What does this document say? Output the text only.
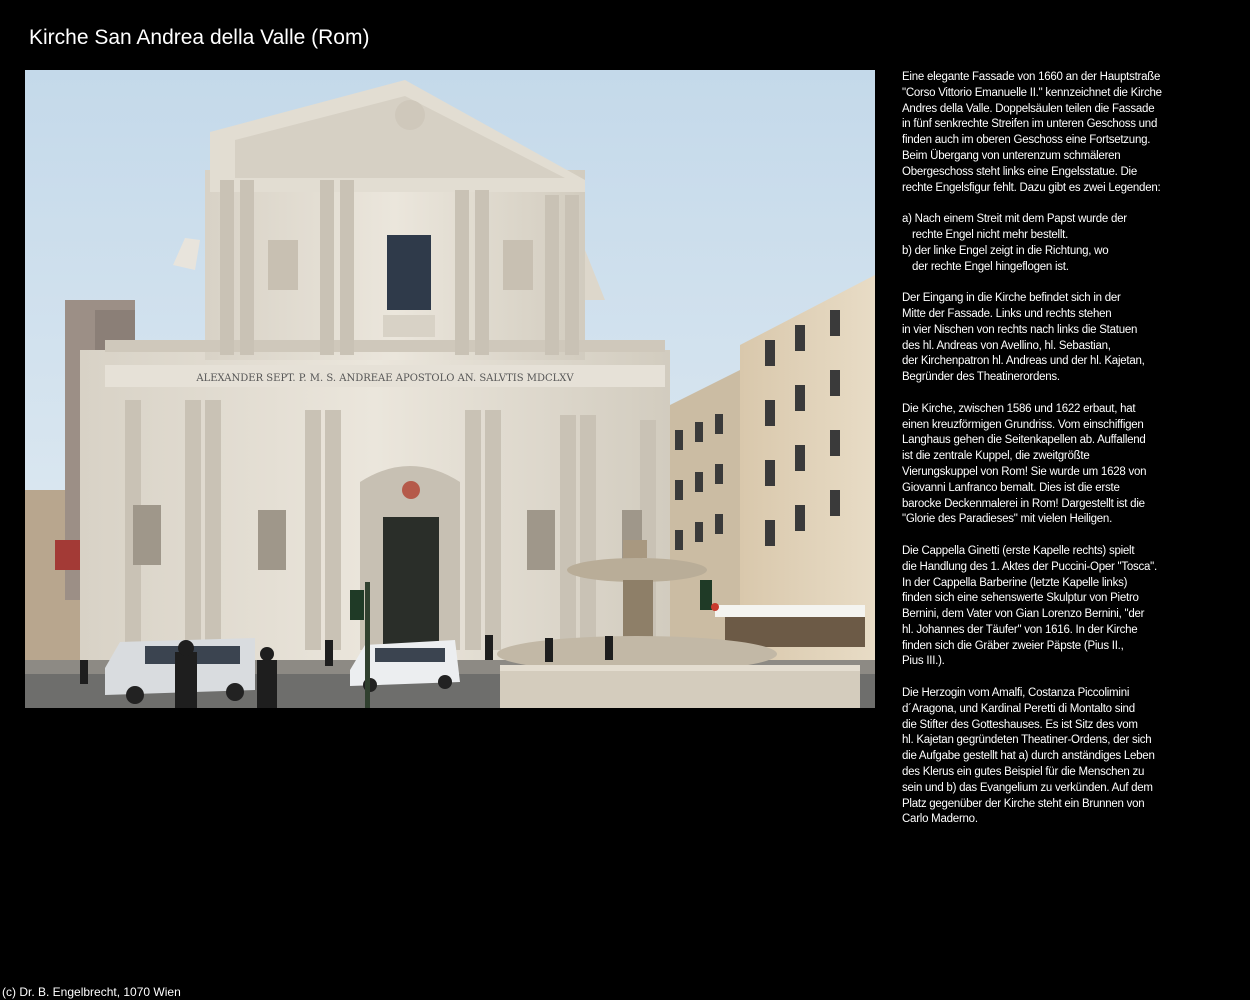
Kirche San Andrea della Valle (Rom)
ALEXANDER SEPT. P. M. S. ANDREAE APOSTOLO AN. SALVTIS MDCLXV

Eine elegante Fassade von 1660 an der Hauptstraße
"Corso Vittorio Emanuelle II." kennzeichnet die Kirche
Andres della Valle. Doppelsäulen teilen die Fassade
in fünf senkrechte Streifen im unteren Geschoss und
finden auch im oberen Geschoss eine Fortsetzung.
Beim Übergang von unterenzum schmäleren
Obergeschoss steht links eine Engelsstatue. Die
rechte Engelsfigur fehlt. Dazu gibt es zwei Legenden:

a) Nach einem Streit mit dem Papst wurde der
rechte Engel nicht mehr bestellt.
b) der linke Engel zeigt in die Richtung, wo
der rechte Engel hingeflogen ist.

Der Eingang in die Kirche befindet sich in der
Mitte der Fassade. Links und rechts stehen
in vier Nischen von rechts nach links die Statuen
des hl. Andreas von Avellino, hl. Sebastian,
der Kirchenpatron hl. Andreas und der hl. Kajetan,
Begründer des Theatinerordens.

Die Kirche, zwischen 1586 und 1622 erbaut, hat
einen kreuzförmigen Grundriss. Vom einschiffigen
Langhaus gehen die Seitenkapellen ab. Auffallend
ist die zentrale Kuppel, die zweitgrößte
Vierungskuppel von Rom! Sie wurde um 1628 von
Giovanni Lanfranco bemalt. Dies ist die erste
barocke Deckenmalerei in Rom! Dargestellt ist die
"Glorie des Paradieses" mit vielen Heiligen.

Die Cappella Ginetti (erste Kapelle rechts) spielt
die Handlung des 1. Aktes der Puccini-Oper "Tosca".
In der Cappella Barberine (letzte Kapelle links)
finden sich eine sehenswerte Skulptur von Pietro
Bernini, dem Vater von Gian Lorenzo Bernini, "der
hl. Johannes der Täufer" von 1616. In der Kirche
finden sich die Gräber zweier Päpste (Pius II.,
Pius III.).

Die Herzogin vom Amalfi, Costanza Piccolimini
d´Aragona, und Kardinal Peretti di Montalto sind
die Stifter des Gotteshauses. Es ist Sitz des vom
hl. Kajetan gegründeten Theatiner-Ordens, der sich
die Aufgabe gestellt hat a) durch anständiges Leben
des Klerus ein gutes Beispiel für die Menschen zu
sein und b) das Evangelium zu verkünden. Auf dem
Platz gegenüber der Kirche steht ein Brunnen von
Carlo Maderno.

(c) Dr. B. Engelbrecht, 1070 Wien
